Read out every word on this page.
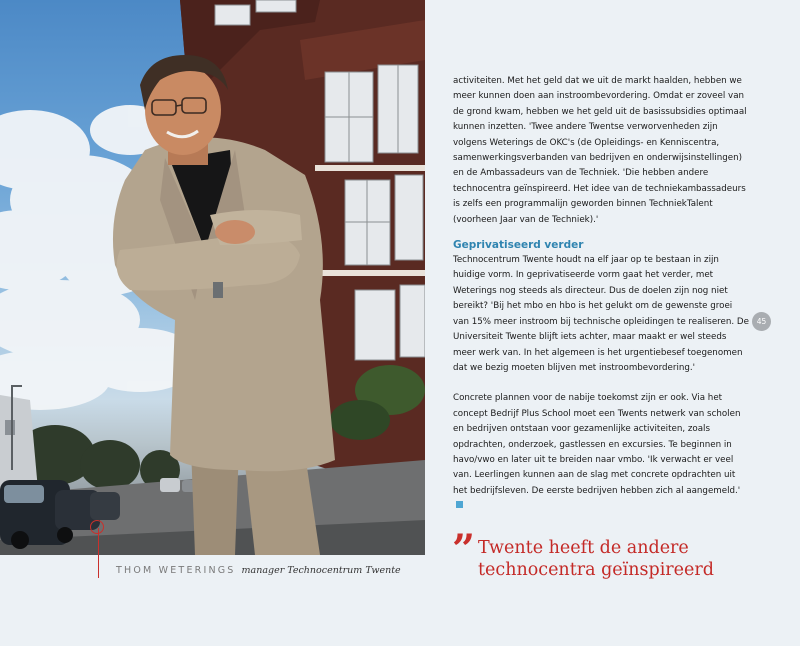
THOM WETERINGS manager Technocentrum Twente

activiteiten. Met het geld dat we uit de markt haalden, hebben we meer kunnen doen aan instroombevordering. Omdat er zoveel van de grond kwam, hebben we het geld uit de basissubsidies optimaal kunnen inzetten. 'Twee andere Twentse verworvenheden zijn volgens Weterings de OKC's (de Opleidings- en Kenniscentra, samenwerkingsverbanden van bedrijven en onderwijsinstellingen) en de Ambassadeurs van de Techniek. 'Die hebben andere technocentra geïnspireerd. Het idee van de techniekambassadeurs is zelfs een programmalijn geworden binnen TechniekTalent (voorheen Jaar van de Techniek).'

Geprivatiseerd verder

Technocentrum Twente houdt na elf jaar op te bestaan in zijn huidige vorm. In geprivatiseerde vorm gaat het verder, met Weterings nog steeds als directeur. Dus de doelen zijn nog niet bereikt? 'Bij het mbo en hbo is het gelukt om de gewenste groei van 15% meer instroom bij technische opleidingen te realiseren. De Universiteit Twente blijft iets achter, maar maakt er wel steeds meer werk van. In het algemeen is het urgentiebesef toegenomen dat we bezig moeten blijven met instroombevordering.'

Concrete plannen voor de nabije toekomst zijn er ook. Via het concept Bedrijf Plus School moet een Twents netwerk van scholen en bedrijven ontstaan voor gezamenlijke activiteiten, zoals opdrachten, onderzoek, gastlessen en excursies. Te beginnen in havo/vwo en later uit te breiden naar vmbo. 'Ik verwacht er veel van. Leerlingen kunnen aan de slag met concrete opdrachten uit het bedrijfsleven. De eerste bedrijven hebben zich al aangemeld.'

45
” Twente heeft de andere technocentra geïnspireerd
